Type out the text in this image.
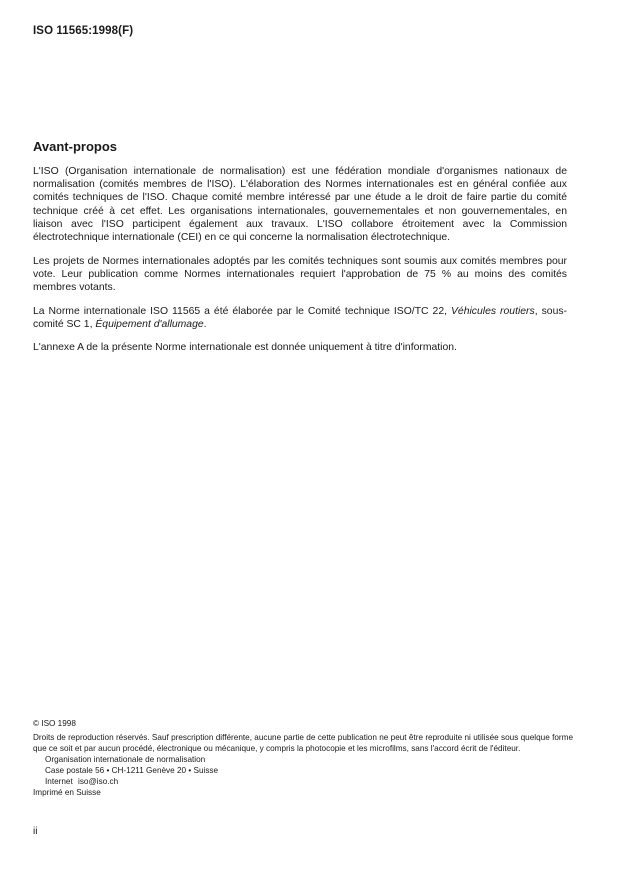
ISO 11565:1998(F)
Avant-propos

L'ISO (Organisation internationale de normalisation) est une fédération mondiale d'organismes nationaux de normalisation (comités membres de l'ISO). L'élaboration des Normes internationales est en général confiée aux comités techniques de l'ISO. Chaque comité membre intéressé par une étude a le droit de faire partie du comité technique créé à cet effet. Les organisations internationales, gouvernementales et non gouvernementales, en liaison avec l'ISO participent également aux travaux. L'ISO collabore étroitement avec la Commission électrotechnique internationale (CEI) en ce qui concerne la normalisation électrotechnique.

Les projets de Normes internationales adoptés par les comités techniques sont soumis aux comités membres pour vote. Leur publication comme Normes internationales requiert l'approbation de 75 % au moins des comités membres votants.

La Norme internationale ISO 11565 a été élaborée par le Comité technique ISO/TC 22, Véhicules routiers, sous-comité SC 1, Équipement d'allumage.

L'annexe A de la présente Norme internationale est donnée uniquement à titre d'information.

© ISO 1998

Droits de reproduction réservés. Sauf prescription différente, aucune partie de cette publication ne peut être reproduite ni utilisée sous quelque forme que ce soit et par aucun procédé, électronique ou mécanique, y compris la photocopie et les microfilms, sans l'accord écrit de l'éditeur.

Organisation internationale de normalisation
Case postale 56 • CH-1211 Genève 20 • Suisse
Internet iso@iso.ch

Imprimé en Suisse

ii
